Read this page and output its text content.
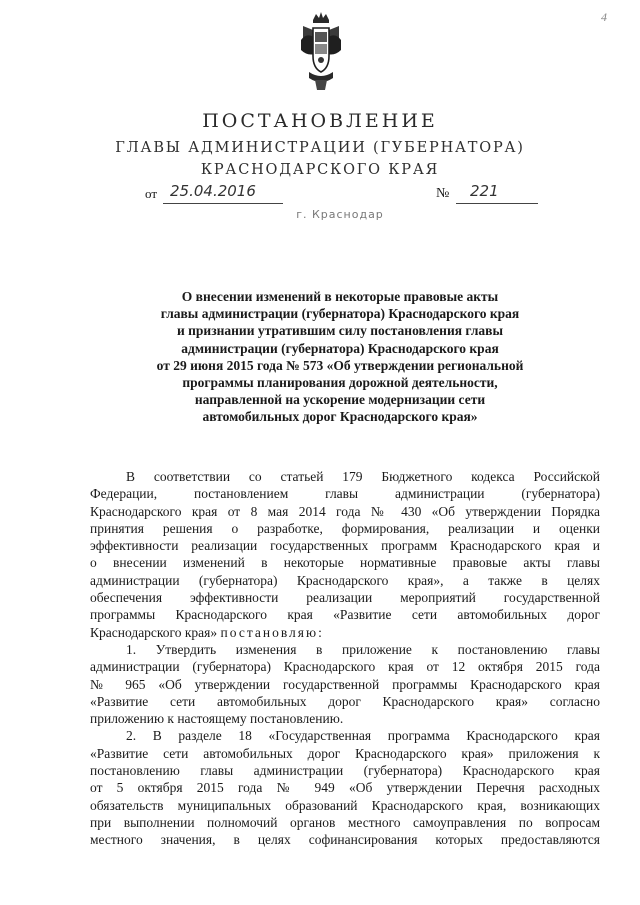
4
ПОСТАНОВЛЕНИЕ
ГЛАВЫ АДМИНИСТРАЦИИ (ГУБЕРНАТОРА)
КРАСНОДАРСКОГО КРАЯ
от 25.04.2016	№ 221
г. Краснодар
О внесении изменений в некоторые правовые акты
главы администрации (губернатора) Краснодарского края
и признании утратившим силу постановления главы
администрации (губернатора) Краснодарского края
от 29 июня 2015 года № 573 «Об утверждении региональной
программы планирования дорожной деятельности,
направленной на ускорение модернизации сети
автомобильных дорог Краснодарского края»
В соответствии со статьей 179 Бюджетного кодекса Российской
Федерации, постановлением главы администрации (губернатора)
Краснодарского края от 8 мая 2014 года № 430 «Об утверждении Порядка
принятия решения о разработке, формирования, реализации и оценки
эффективности реализации государственных программ Краснодарского края и
о внесении изменений в некоторые нормативные правовые акты главы
администрации (губернатора) Краснодарского края», а также в целях
обеспечения эффективности реализации мероприятий государственной
программы Краснодарского края «Развитие сети автомобильных дорог
Краснодарского края» постановляю:
1. Утвердить изменения в приложение к постановлению главы
администрации (губернатора) Краснодарского края от 12 октября 2015 года
№ 965 «Об утверждении государственной программы Краснодарского края
«Развитие сети автомобильных дорог Краснодарского края» согласно
приложению к настоящему постановлению.
2. В разделе 18 «Государственная программа Краснодарского края
«Развитие сети автомобильных дорог Краснодарского края» приложения к
постановлению главы администрации (губернатора) Краснодарского края
от 5 октября 2015 года № 949 «Об утверждении Перечня расходных
обязательств муниципальных образований Краснодарского края, возникающих
при выполнении полномочий органов местного самоуправления по вопросам
местного значения, в целях софинансирования которых предоставляются
